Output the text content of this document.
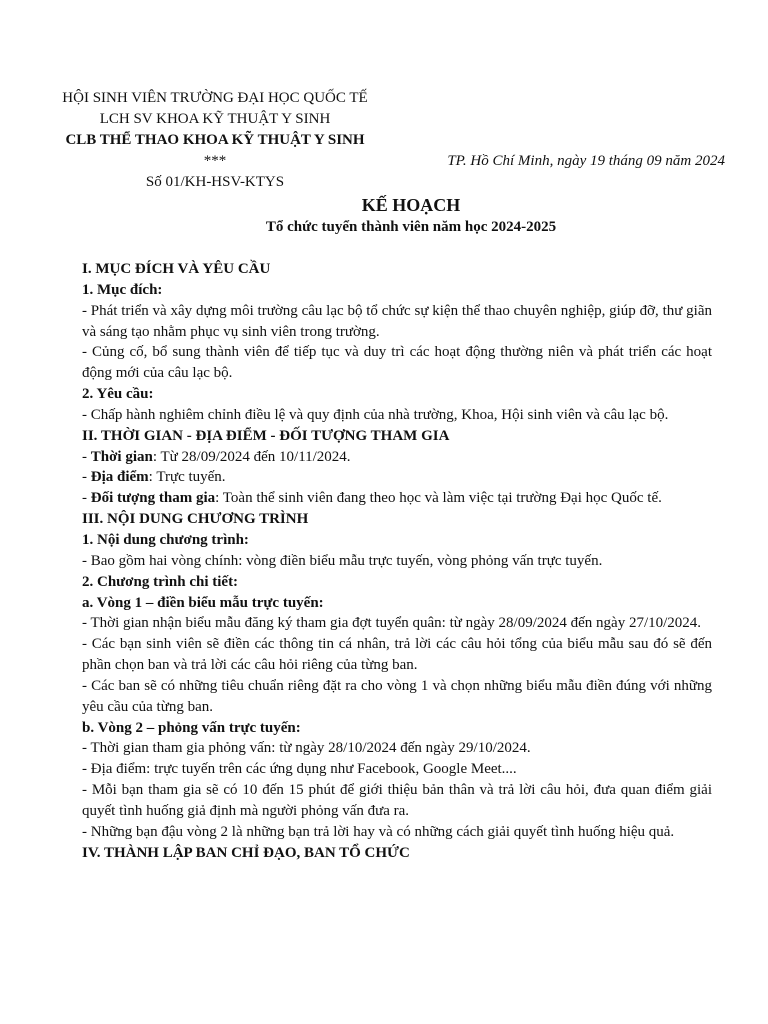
HỘI SINH VIÊN TRƯỜNG ĐẠI HỌC QUỐC TẾ
LCH SV KHOA KỸ THUẬT Y SINH
CLB THỂ THAO KHOA KỸ THUẬT Y SINH
***
Số 01/KH-HSV-KTYS
TP. Hồ Chí Minh, ngày 19 tháng 09 năm 2024
KẾ HOẠCH
Tổ chức tuyển thành viên năm học 2024-2025

I. MỤC ĐÍCH VÀ YÊU CẦU

1. Mục đích:

- Phát triển và xây dựng môi trường câu lạc bộ tổ chức sự kiện thể thao chuyên nghiệp, giúp đỡ, thư giãn và sáng tạo nhằm phục vụ sinh viên trong trường.

- Củng cố, bổ sung thành viên để tiếp tục và duy trì các hoạt động thường niên và phát triển các hoạt động mới của câu lạc bộ.

2. Yêu cầu:

- Chấp hành nghiêm chỉnh điều lệ và quy định của nhà trường, Khoa, Hội sinh viên và câu lạc bộ.

II. THỜI GIAN - ĐỊA ĐIỂM - ĐỐI TƯỢNG THAM GIA

- Thời gian: Từ 28/09/2024 đến 10/11/2024.

- Địa điểm: Trực tuyến.

- Đối tượng tham gia: Toàn thể sinh viên đang theo học và làm việc tại trường Đại học Quốc tế.

III. NỘI DUNG CHƯƠNG TRÌNH

1. Nội dung chương trình:

- Bao gồm hai vòng chính: vòng điền biểu mẫu trực tuyến, vòng phỏng vấn trực tuyến.

2. Chương trình chi tiết:

a. Vòng 1 – điền biểu mẫu trực tuyến:

- Thời gian nhận biểu mẫu đăng ký tham gia đợt tuyển quân: từ ngày 28/09/2024 đến ngày 27/10/2024.

- Các bạn sinh viên sẽ điền các thông tin cá nhân, trả lời các câu hỏi tổng của biểu mẫu sau đó sẽ đến phần chọn ban và trả lời các câu hỏi riêng của từng ban.

- Các ban sẽ có những tiêu chuẩn riêng đặt ra cho vòng 1 và chọn những biểu mẫu điền đúng với những yêu cầu của từng ban.

b. Vòng 2 – phỏng vấn trực tuyến:

- Thời gian tham gia phỏng vấn: từ ngày 28/10/2024 đến ngày 29/10/2024.

- Địa điểm: trực tuyến trên các ứng dụng như Facebook, Google Meet....

- Mỗi bạn tham gia sẽ có 10 đến 15 phút để giới thiệu bản thân và trả lời câu hỏi, đưa quan điểm giải quyết tình huống giả định mà người phỏng vấn đưa ra.

- Những bạn đậu vòng 2 là những bạn trả lời hay và có những cách giải quyết tình huống hiệu quả.

IV. THÀNH LẬP BAN CHỈ ĐẠO, BAN TỔ CHỨC
